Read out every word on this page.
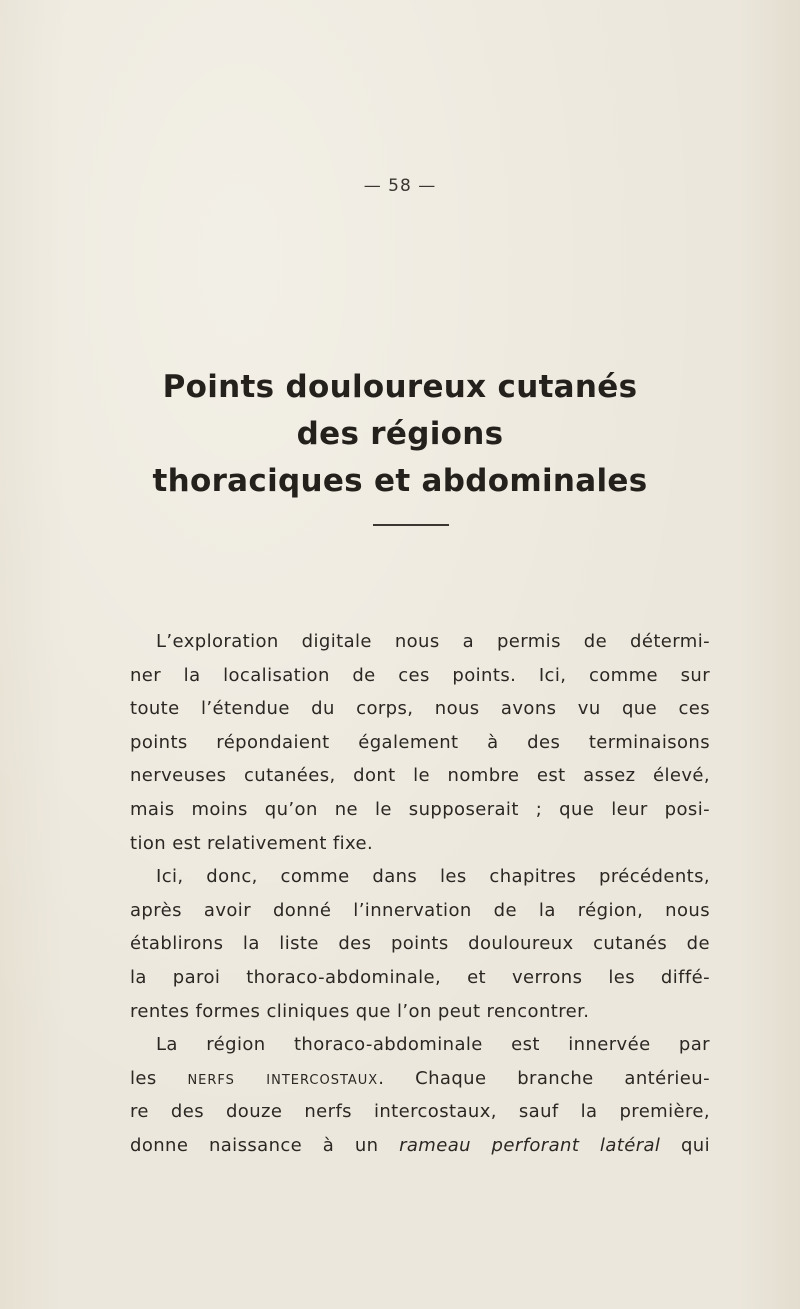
— 58 —
Points douloureux cutanés
des régions
thoraciques et abdominales
L’exploration digitale nous a permis de détermi-
ner la localisation de ces points. Ici, comme sur
toute l’étendue du corps, nous avons vu que ces
points répondaient également à des terminaisons
nerveuses cutanées, dont le nombre est assez élevé,
mais moins qu’on ne le supposerait ; que leur posi-
tion est relativement fixe.
Ici, donc, comme dans les chapitres précédents,
après avoir donné l’innervation de la région, nous
établirons la liste des points douloureux cutanés de
la paroi thoraco-abdominale, et verrons les diffé-
rentes formes cliniques que l’on peut rencontrer.
La région thoraco-abdominale est innervée par
les nerfs intercostaux. Chaque branche antérieu-
re des douze nerfs intercostaux, sauf la première,
donne naissance à un rameau perforant latéral qui
